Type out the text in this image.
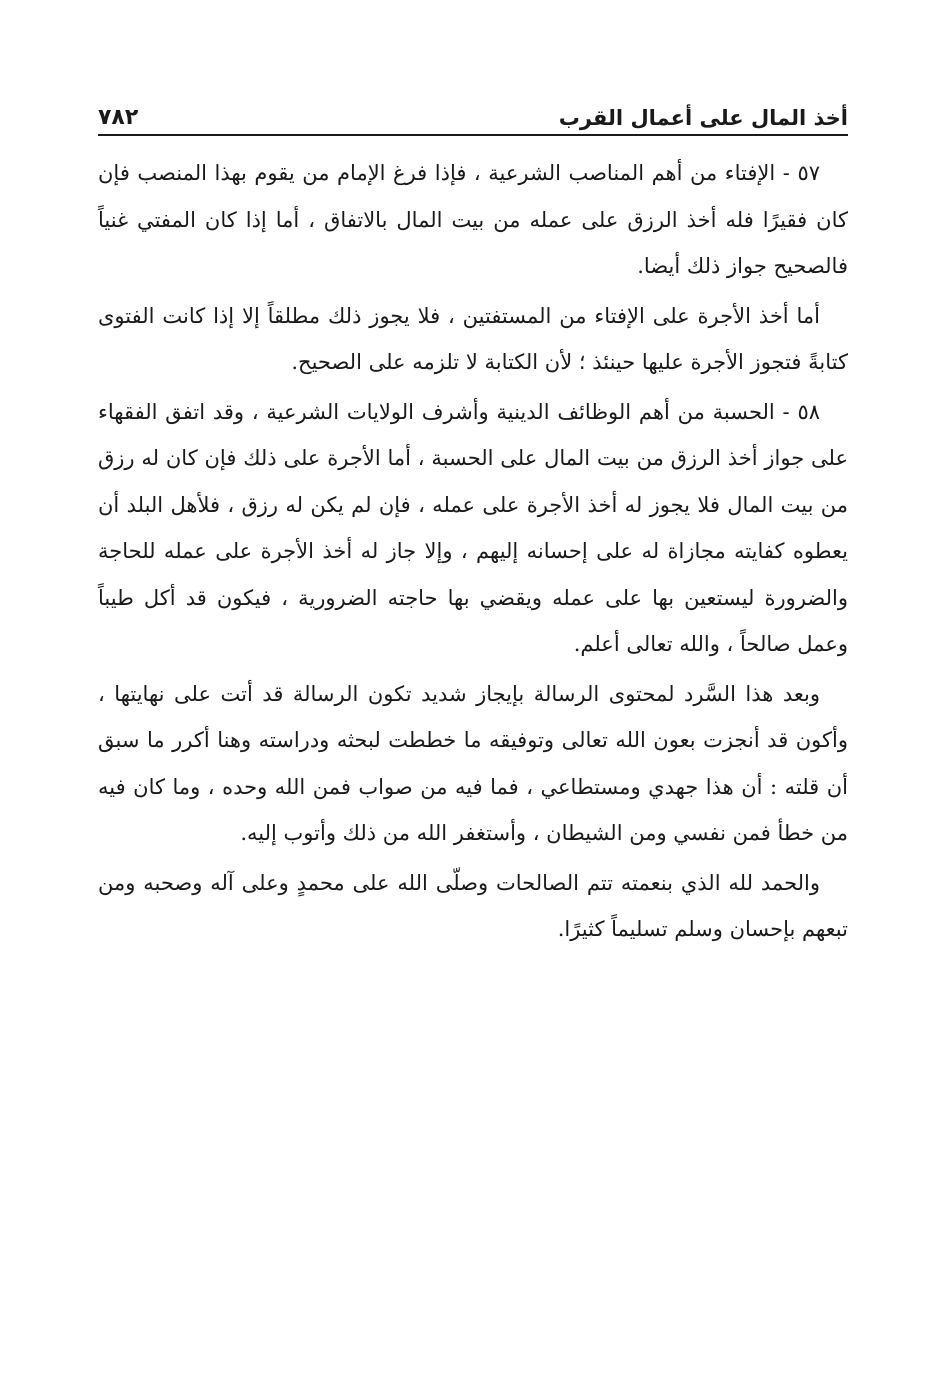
أخذ المال على أعمال القرب
٧٨٢

٥٧ - الإفتاء من أهم المناصب الشرعية ، فإذا فرغ الإمام من يقوم بهذا المنصب فإن كان فقيرًا فله أخذ الرزق على عمله من بيت المال بالاتفاق ، أما إذا كان المفتي غنياً فالصحيح جواز ذلك أيضا.

أما أخذ الأجرة على الإفتاء من المستفتين ، فلا يجوز ذلك مطلقاً إلا إذا كانت الفتوى كتابةً فتجوز الأجرة عليها حينئذ ؛ لأن الكتابة لا تلزمه على الصحيح.

٥٨ - الحسبة من أهم الوظائف الدينية وأشرف الولايات الشرعية ، وقد اتفق الفقهاء على جواز أخذ الرزق من بيت المال على الحسبة ، أما الأجرة على ذلك فإن كان له رزق من بيت المال فلا يجوز له أخذ الأجرة على عمله ، فإن لم يكن له رزق ، فلأهل البلد أن يعطوه كفايته مجازاة له على إحسانه إليهم ، وإلا جاز له أخذ الأجرة على عمله للحاجة والضرورة ليستعين بها على عمله ويقضي بها حاجته الضرورية ، فيكون قد أكل طيباً وعمل صالحاً ، والله تعالى أعلم.

وبعد هذا السَّرد لمحتوى الرسالة بإيجاز شديد تكون الرسالة قد أتت على نهايتها ، وأكون قد أنجزت بعون الله تعالى وتوفيقه ما خططت لبحثه ودراسته وهنا أكرر ما سبق أن قلته : أن هذا جهدي ومستطاعي ، فما فيه من صواب فمن الله وحده ، وما كان فيه من خطأ فمن نفسي ومن الشيطان ، وأستغفر الله من ذلك وأتوب إليه.

والحمد لله الذي بنعمته تتم الصالحات وصلّى الله على محمدٍ وعلى آله وصحبه ومن تبعهم بإحسان وسلم تسليماً كثيرًا.
